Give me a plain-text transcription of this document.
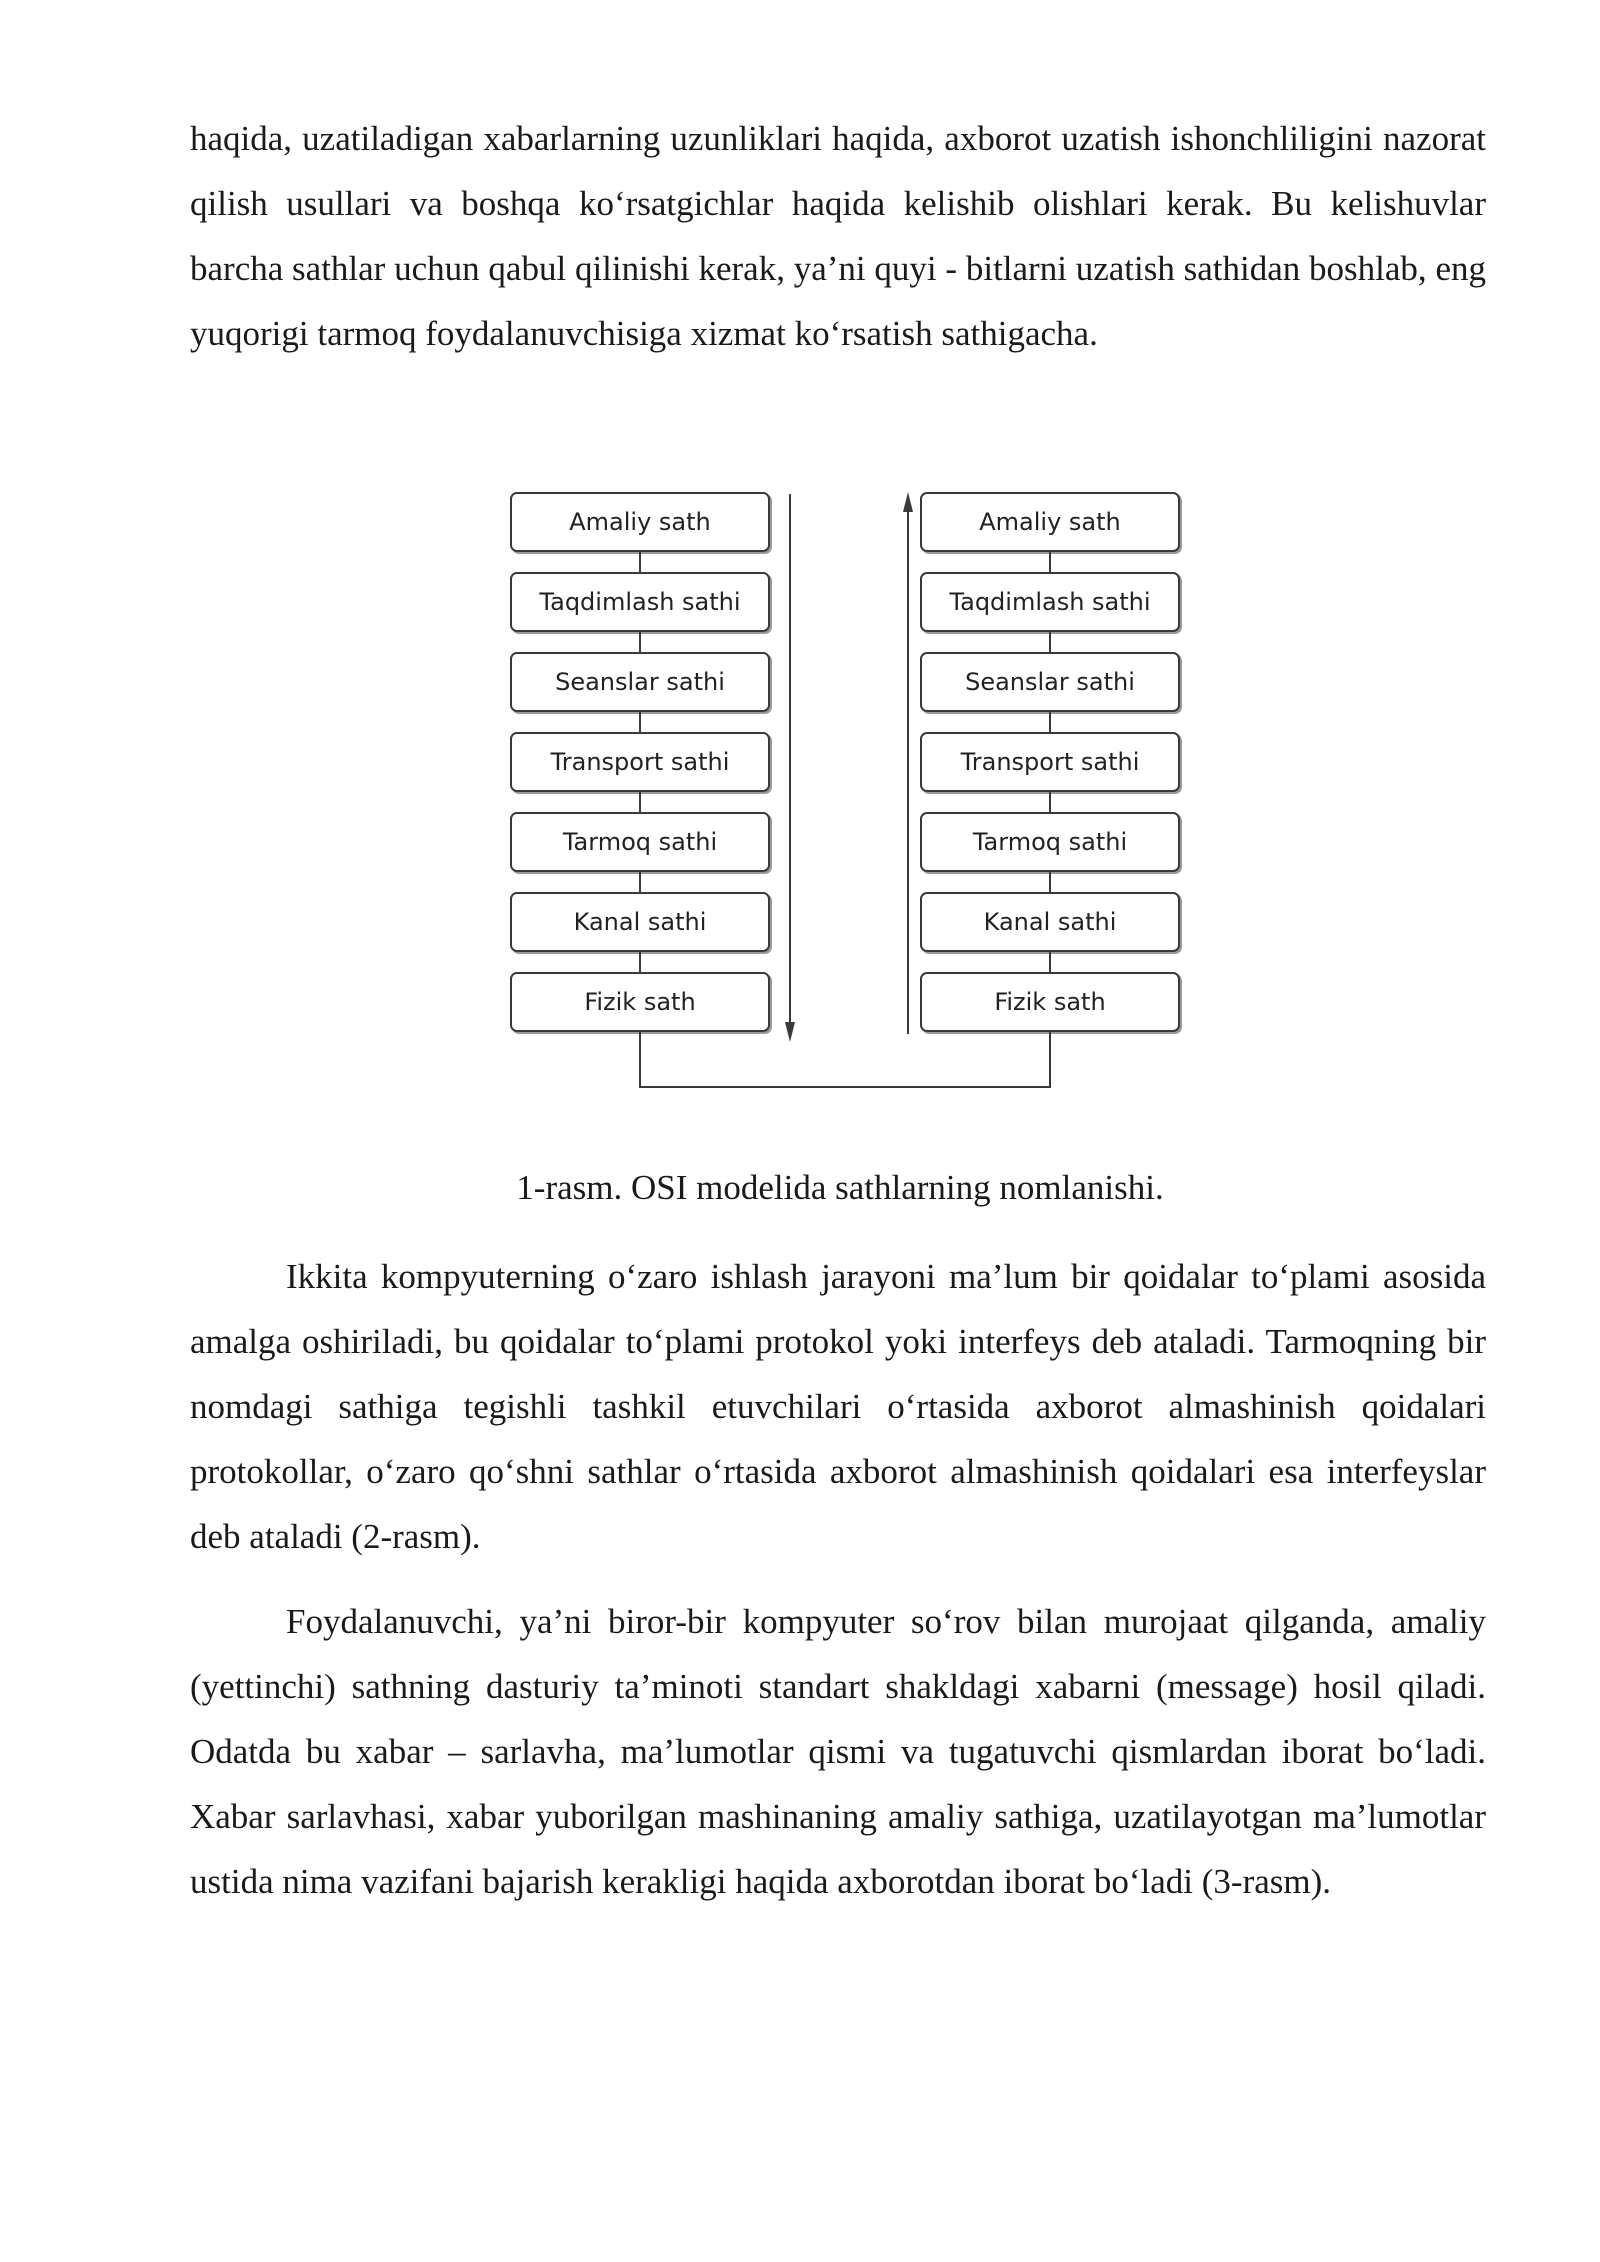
haqida, uzatiladigan xabarlarning uzunliklari haqida, axborot uzatish ishonchliligini nazorat qilish usullari va boshqa ko‘rsatgichlar haqida kelishib olishlari kerak. Bu kelishuvlar barcha sathlar uchun qabul qilinishi kerak, ya’ni quyi - bitlarni uzatish sathidan boshlab, eng yuqorigi tarmoq foydalanuvchisiga xizmat ko‘rsatish sathigacha.

Amaliy sath
Taqdimlash sathi
Seanslar sathi
Transport sathi
Tarmoq sathi
Kanal sathi
Fizik sath
Amaliy sath
Taqdimlash sathi
Seanslar sathi
Transport sathi
Tarmoq sathi
Kanal sathi
Fizik sath

1-rasm. OSI modelida sathlarning nomlanishi.

Ikkita kompyuterning o‘zaro ishlash jarayoni ma’lum bir qoidalar to‘plami asosida amalga oshiriladi, bu qoidalar to‘plami protokol yoki interfeys deb ataladi. Tarmoqning bir nomdagi sathiga tegishli tashkil etuvchilari o‘rtasida axborot almashinish qoidalari protokollar, o‘zaro qo‘shni sathlar o‘rtasida axborot almashinish qoidalari esa interfeyslar deb ataladi (2-rasm).

Foydalanuvchi, ya’ni biror-bir kompyuter so‘rov bilan murojaat qilganda, amaliy (yettinchi) sathning dasturiy ta’minoti standart shakldagi xabarni (message) hosil qiladi. Odatda bu xabar – sarlavha, ma’lumotlar qismi va tugatuvchi qismlardan iborat bo‘ladi. Xabar sarlavhasi, xabar yuborilgan mashinaning amaliy sathiga, uzatilayotgan ma’lumotlar ustida nima vazifani bajarish kerakligi haqida axborotdan iborat bo‘ladi (3-rasm).
